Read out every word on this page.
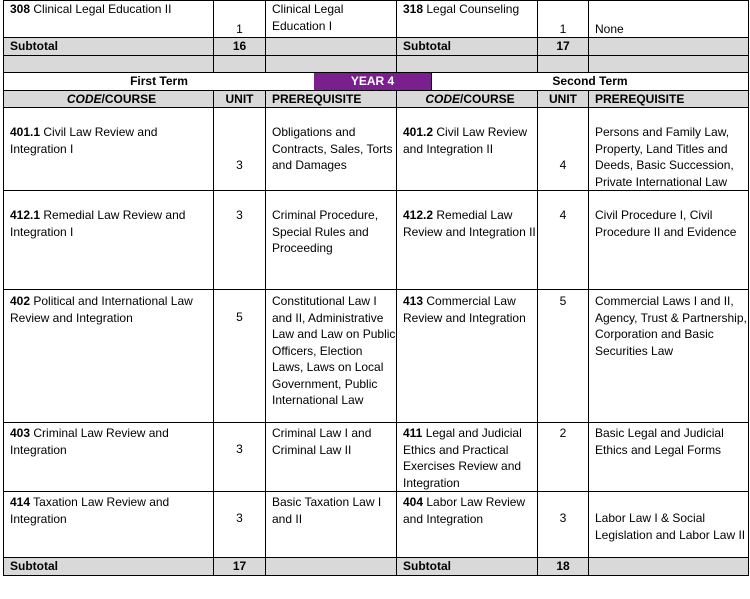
308 Clinical Legal Education II	1	Clinical Legal Education I	318 Legal Counseling	1	None
Subtotal	16		Subtotal	17	

First Term YEAR 4 Second Term					

CODE/COURSE	UNIT	PREREQUISITE	CODE/COURSE	UNIT	PREREQUISITE
401.1 Civil Law Review and Integration I	3	Obligations and Contracts, Sales, Torts and Damages	401.2 Civil Law Review and Integration II	4	Persons and Family Law, Property, Land Titles and Deeds, Basic Succession, Private International Law
412.1 Remedial Law Review and Integration I	3	Criminal Procedure, Special Rules and Proceeding	412.2 Remedial Law Review and Integration II	4	Civil Procedure I, Civil Procedure II and Evidence
402 Political and International Law Review and Integration	5	Constitutional Law I and II, Administrative Law and Law on Public Officers, Election Laws, Laws on Local Government, Public International Law	413 Commercial Law Review and Integration	5	Commercial Laws I and II, Agency, Trust & Partnership, Corporation and Basic Securities Law
403 Criminal Law Review and Integration	3	Criminal Law I and Criminal Law II	411 Legal and Judicial Ethics and Practical Exercises Review and Integration	2	Basic Legal and Judicial Ethics and Legal Forms
414 Taxation Law Review and Integration	3	Basic Taxation Law I and II	404 Labor Law Review and Integration	3	Labor Law I & Social Legislation and Labor Law II
Subtotal	17		Subtotal	18	
